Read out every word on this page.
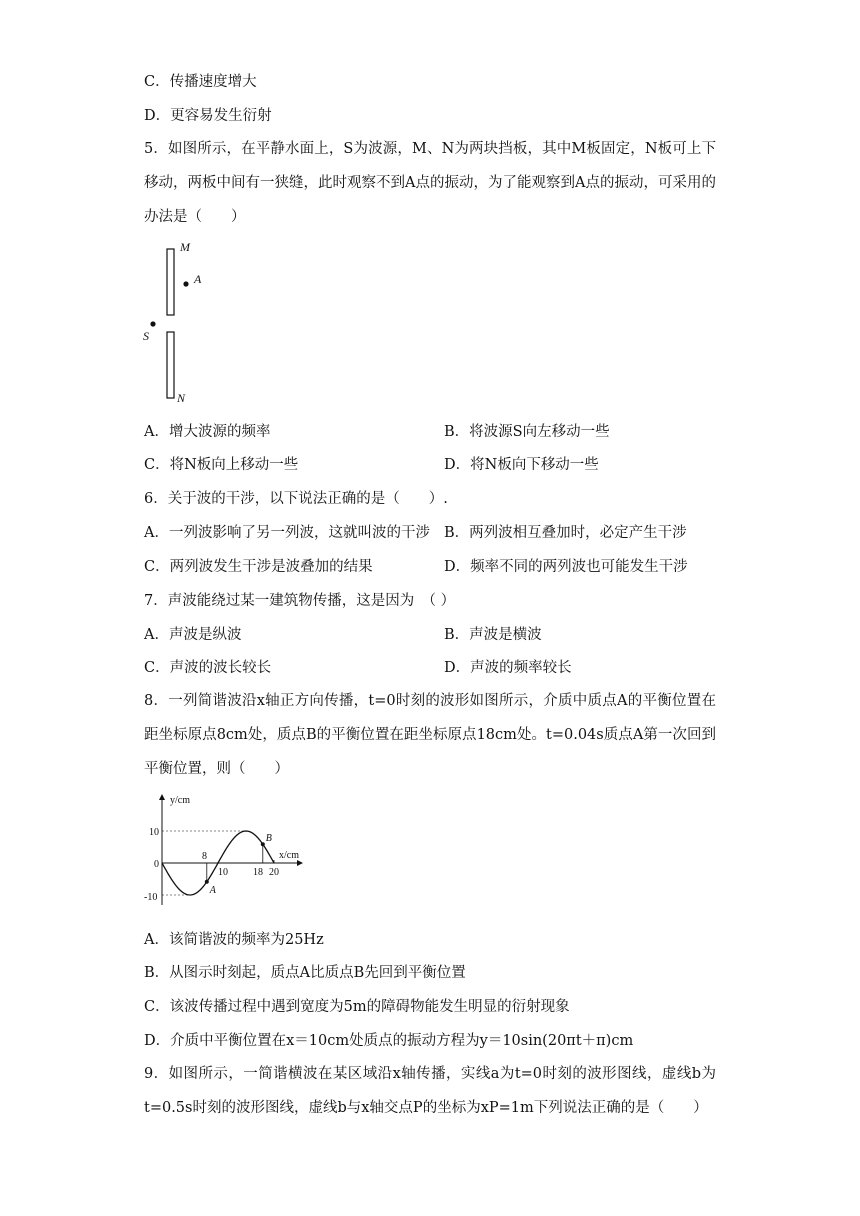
C．传播速度增大
D．更容易发生衍射
5．如图所示，在平静水面上，S为波源，M、N为两块挡板，其中M板固定，N板可上下移动，两板中间有一狭缝，此时观察不到A点的振动，为了能观察到A点的振动，可采用的办法是（　　）
M
A
S
N
A．增大波源的频率	B．将波源S向左移动一些
C．将N板向上移动一些	D．将N板向下移动一些
6．关于波的干涉，以下说法正确的是（　　）.
A．一列波影响了另一列波，这就叫波的干涉 B．两列波相互叠加时，必定产生干涉
C．两列波发生干涉是波叠加的结果	D．频率不同的两列波也可能发生干涉
7．声波能绕过某一建筑物传播，这是因为　（ ）
A．声波是纵波	B．声波是横波
C．声波的波长较长	D．声波的频率较长
8．一列简谐波沿x轴正方向传播，t=0时刻的波形如图所示，介质中质点A的平衡位置在距坐标原点8cm处，质点B的平衡位置在距坐标原点18cm处。t=0.04s质点A第一次回到平衡位置，则（　　）
A
B
y/cm
x/cm
10
0
-10
8
10	18 20
A．该简谐波的频率为25Hz
B．从图示时刻起，质点A比质点B先回到平衡位置
C．该波传播过程中遇到宽度为5m的障碍物能发生明显的衍射现象
D．介质中平衡位置在x＝10cm处质点的振动方程为y＝10sin(20πt＋π)cm
9．如图所示，一简谐横波在某区域沿x轴传播，实线a为t=0时刻的波形图线，虚线b为t=0.5s时刻的波形图线，虚线b与x轴交点P的坐标为xP=1m下列说法正确的是（　　）
